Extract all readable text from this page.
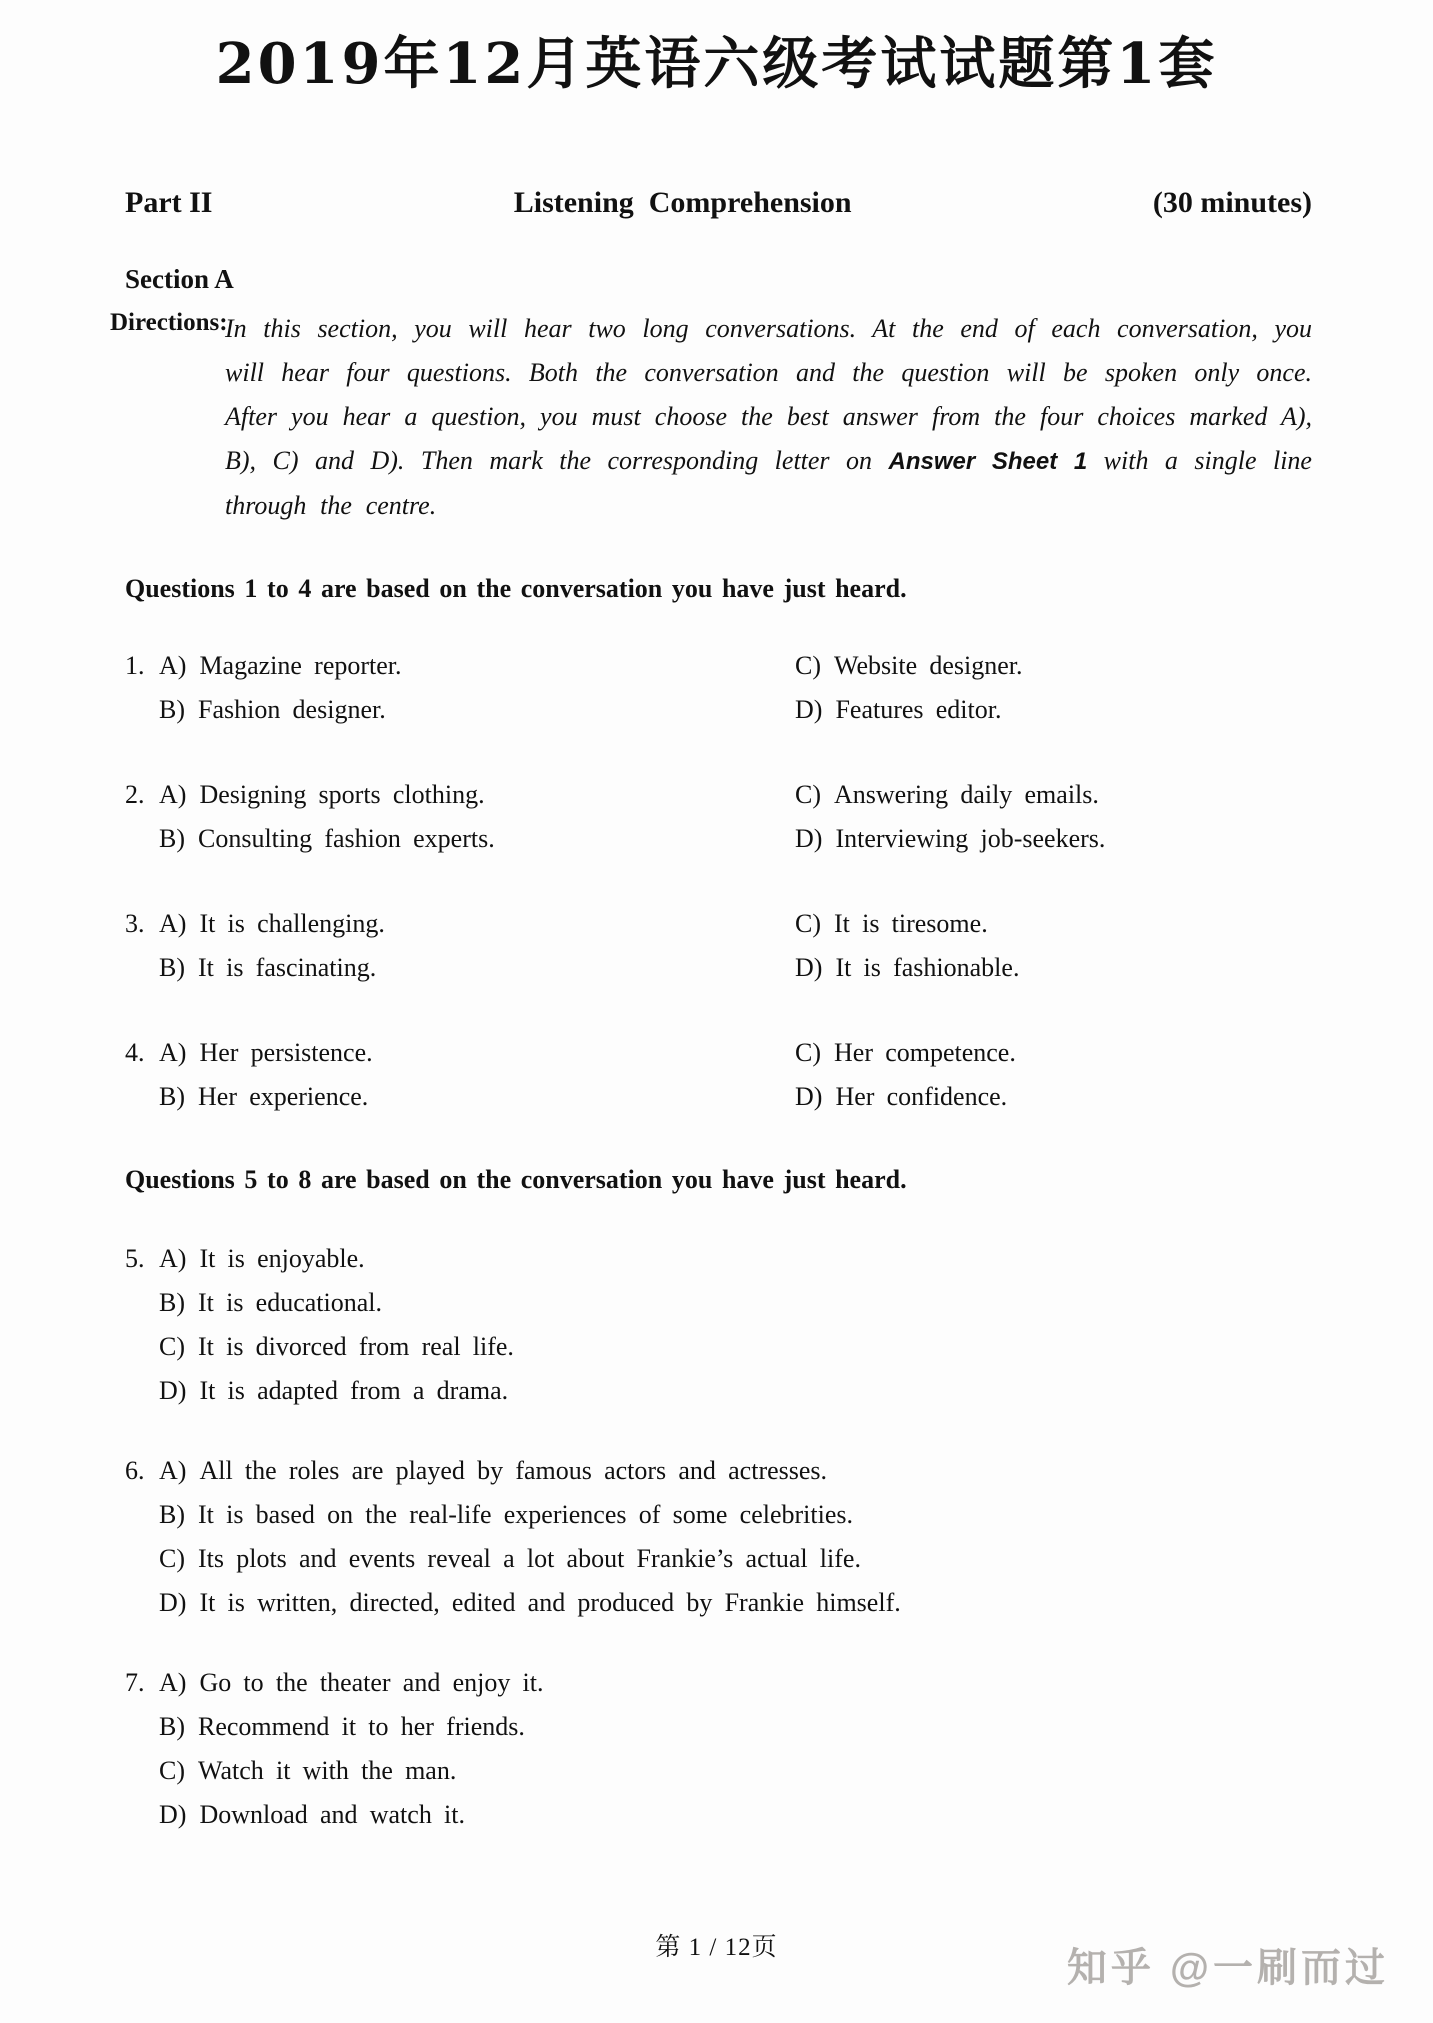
2019年12月英语六级考试试题第1套
Part II	Listening Comprehension	(30 minutes)
Section A
Directions:
In this section, you will hear two long conversations. At the end of each conversation, you will hear four questions. Both the conversation and the question will be spoken only once. After you hear a question, you must choose the best answer from the four choices marked A), B), C) and D). Then mark the corresponding letter on Answer Sheet 1 with a single line through the centre.
Questions 1 to 4 are based on the conversation you have just heard.
1. A) Magazine reporter.	C) Website designer.
B) Fashion designer.	D) Features editor.
2. A) Designing sports clothing.	C) Answering daily emails.
B) Consulting fashion experts.	D) Interviewing job-seekers.
3. A) It is challenging.	C) It is tiresome.
B) It is fascinating.	D) It is fashionable.
4. A) Her persistence.	C) Her competence.
B) Her experience.	D) Her confidence.
Questions 5 to 8 are based on the conversation you have just heard.
5. A) It is enjoyable.
B) It is educational.
C) It is divorced from real life.
D) It is adapted from a drama.
6. A) All the roles are played by famous actors and actresses.
B) It is based on the real-life experiences of some celebrities.
C) Its plots and events reveal a lot about Frankie’s actual life.
D) It is written, directed, edited and produced by Frankie himself.
7. A) Go to the theater and enjoy it.
B) Recommend it to her friends.
C) Watch it with the man.
D) Download and watch it.
第 1 / 12页	知乎 @一刷而过
